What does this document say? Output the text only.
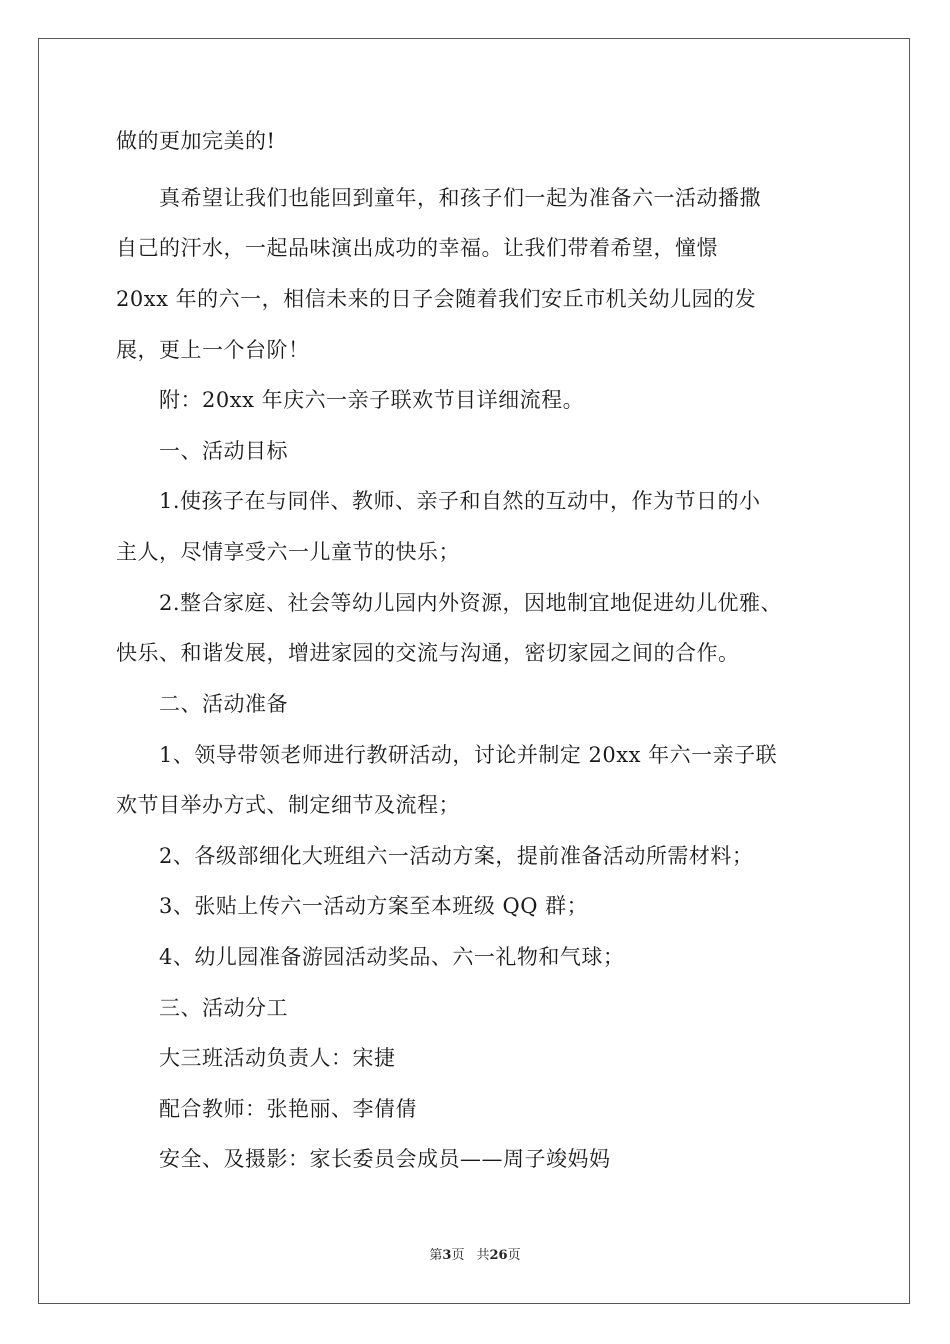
做的更加完美的!
　　真希望让我们也能回到童年，和孩子们一起为准备六一活动播撒
自己的汗水，一起品味演出成功的幸福。让我们带着希望，憧憬
20xx 年的六一，相信未来的日子会随着我们安丘市机关幼儿园的发
展，更上一个台阶！
　　附：20xx 年庆六一亲子联欢节目详细流程。
　　一、活动目标
　　1.使孩子在与同伴、教师、亲子和自然的互动中，作为节日的小
主人，尽情享受六一儿童节的快乐；
　　2.整合家庭、社会等幼儿园内外资源，因地制宜地促进幼儿优雅、
快乐、和谐发展，增进家园的交流与沟通，密切家园之间的合作。
　　二、活动准备
　　1、领导带领老师进行教研活动，讨论并制定 20xx 年六一亲子联
欢节目举办方式、制定细节及流程；
　　2、各级部细化大班组六一活动方案，提前准备活动所需材料；
　　3、张贴上传六一活动方案至本班级 QQ 群；
　　4、幼儿园准备游园活动奖品、六一礼物和气球；
　　三、活动分工
　　大三班活动负责人：宋捷
　　配合教师：张艳丽、李倩倩
　　安全、及摄影：家长委员会成员——周子竣妈妈
第3页 共26页
